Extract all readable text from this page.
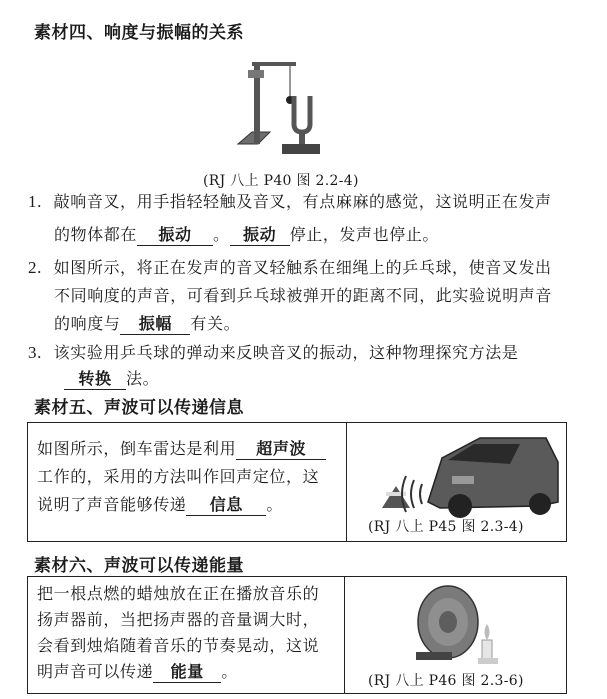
素材四、响度与振幅的关系
(RJ 八上 P40 图 2.2-4)
1. 敲响音叉，用手指轻轻触及音叉，有点麻麻的感觉，这说明正在发声
的物体都在 振动 。 振动 停止，发声也停止。
2. 如图所示，将正在发声的音叉轻触系在细绳上的乒乓球，使音叉发出
不同响度的声音，可看到乒乓球被弹开的距离不同，此实验说明声音
的响度与 振幅 有关。
3. 该实验用乒乓球的弹动来反映音叉的振动，这种物理探究方法是
转换 法。
素材五、声波可以传递信息
如图所示，倒车雷达是利用 超声波
工作的，采用的方法叫作回声定位，这
说明了声音能够传递 信息 。
(RJ 八上 P45 图 2.3-4)
素材六、声波可以传递能量
把一根点燃的蜡烛放在正在播放音乐的
扬声器前，当把扬声器的音量调大时，
会看到烛焰随着音乐的节奏晃动，这说
明声音可以传递 能量 。	(RJ 八上 P46 图 2.3-6)
